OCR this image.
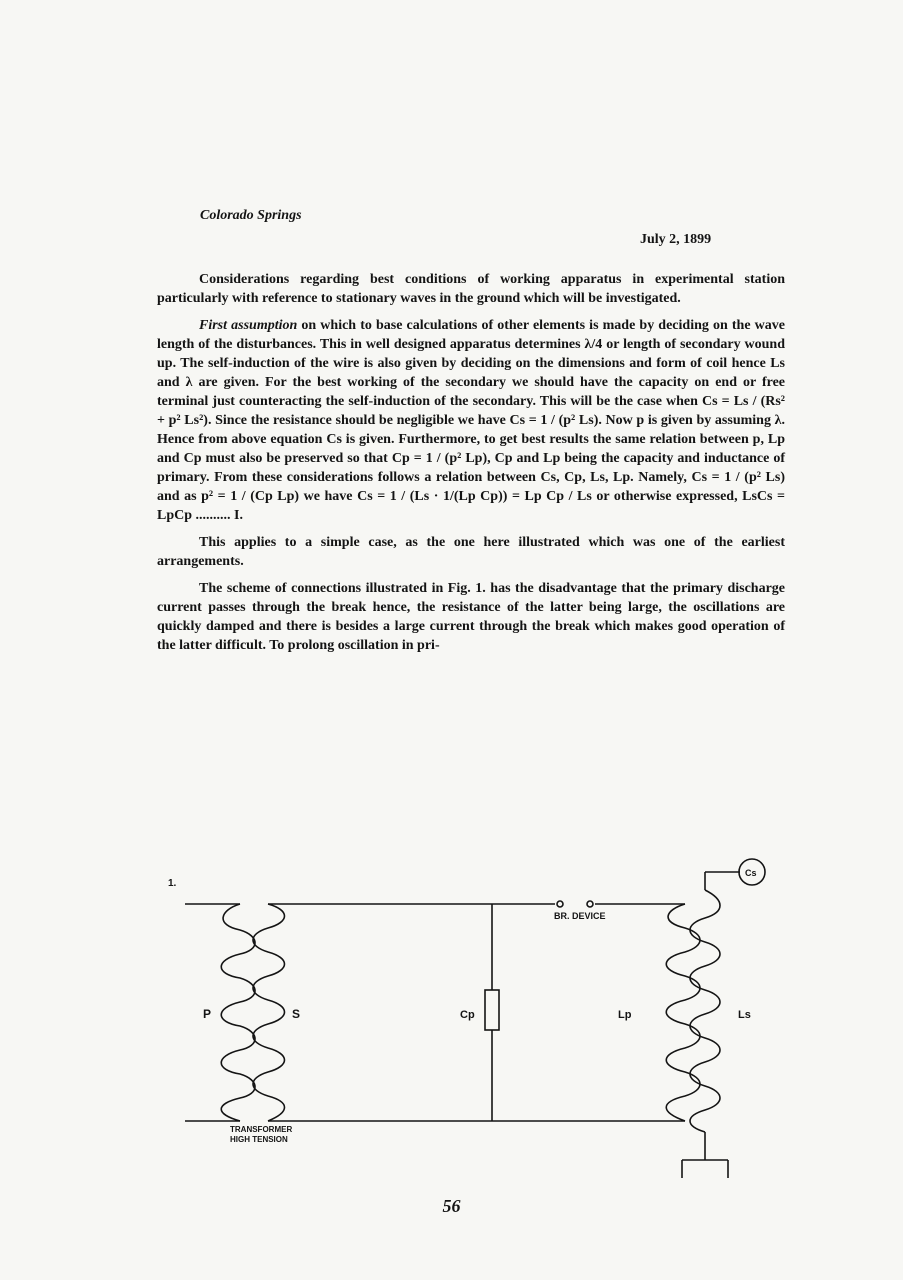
Colorado Springs
July 2, 1899

Considerations regarding best conditions of working apparatus in experimental station particularly with reference to stationary waves in the ground which will be investigated.

First assumption on which to base calculations of other elements is made by deciding on the wave length of the disturbances. This in well designed apparatus determines λ/4 or length of secondary wound up. The self-induction of the wire is also given by deciding on the dimensions and form of coil hence Ls and λ are given. For the best working of the secondary we should have the capacity on end or free terminal just counteracting the self-induction of the secondary. This will be the case when Cs = Ls / (Rs² + p² Ls²). Since the resistance should be negligible we have Cs = 1 / (p² Ls). Now p is given by assuming λ. Hence from above equation Cs is given. Furthermore, to get best results the same relation between p, Lp and Cp must also be preserved so that Cp = 1 / (p² Lp), Cp and Lp being the capacity and inductance of primary. From these considerations follows a relation between Cs, Cp, Ls, Lp. Namely, Cs = 1 / (p² Ls) and as p² = 1 / (Cp Lp) we have Cs = 1 / (Ls · 1/(Lp Cp)) = Lp Cp / Ls or otherwise expressed, LsCs = LpCp .......... I.

This applies to a simple case, as the one here illustrated which was one of the earliest arrangements.

The scheme of connections illustrated in Fig. 1. has the disadvantage that the primary discharge current passes through the break hence, the resistance of the latter being large, the oscillations are quickly damped and there is besides a large current through the break which makes good operation of the latter difficult. To prolong oscillation in pri-

1.
P	S	Cp	Lp	Ls
Cs
BR. DEVICE
TRANSFORMER
HIGH TENSION
56
